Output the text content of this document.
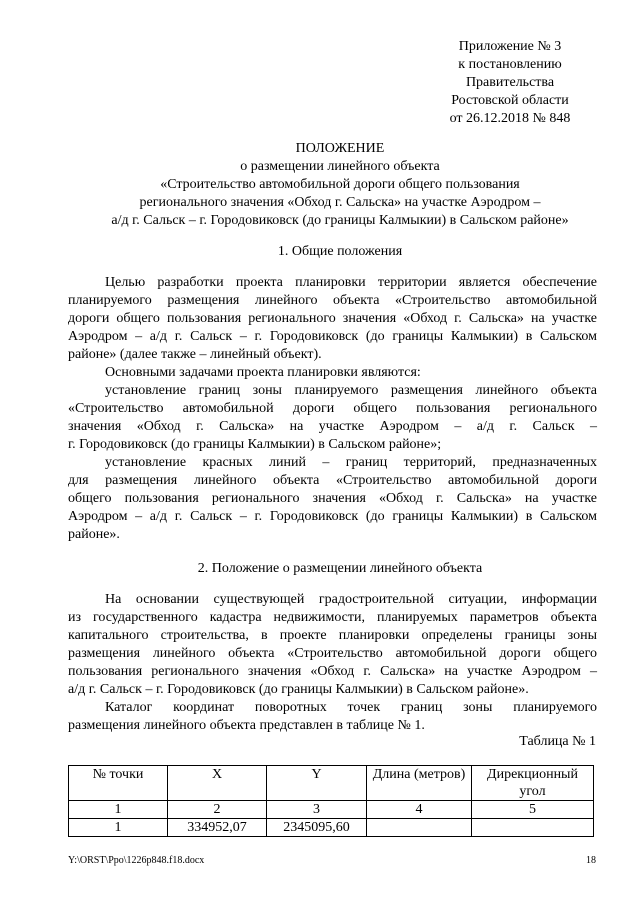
Приложение № 3
к постановлению
Правительства
Ростовской области
от 26.12.2018 № 848
ПОЛОЖЕНИЕ
о размещении линейного объекта
«Строительство автомобильной дороги общего пользования
регионального значения «Обход г. Сальска» на участке Аэродром –
а/д г. Сальск – г. Городовиковск (до границы Калмыкии) в Сальском районе»
1. Общие положения
Целью разработки проекта планировки территории является обеспечение
планируемого размещения линейного объекта «Строительство автомобильной
дороги общего пользования регионального значения «Обход г. Сальска» на участке
Аэродром – а/д г. Сальск – г. Городовиковск (до границы Калмыкии) в Сальском
районе» (далее также – линейный объект).
Основными задачами проекта планировки являются:
установление границ зоны планируемого размещения линейного объекта
«Строительство автомобильной дороги общего пользования регионального
значения «Обход г. Сальска» на участке Аэродром – а/д г. Сальск –
г. Городовиковск (до границы Калмыкии) в Сальском районе»;
установление красных линий – границ территорий, предназначенных
для размещения линейного объекта «Строительство автомобильной дороги
общего пользования регионального значения «Обход г. Сальска» на участке
Аэродром – а/д г. Сальск – г. Городовиковск (до границы Калмыкии) в Сальском
районе».
2. Положение о размещении линейного объекта
На основании существующей градостроительной ситуации, информации
из государственного кадастра недвижимости, планируемых параметров объекта
капитального строительства, в проекте планировки определены границы зоны
размещения линейного объекта «Строительство автомобильной дороги общего
пользования регионального значения «Обход г. Сальска» на участке Аэродром –
а/д г. Сальск – г. Городовиковск (до границы Калмыкии) в Сальском районе».
Каталог координат поворотных точек границ зоны планируемого
размещения линейного объекта представлен в таблице № 1.
Таблица № 1
№ точки	X	Y	Длина (метров)	Дирекционный угол
1	2	3	4	5
1	334952,07	2345095,60		
Y:\ORST\Ppo\1226p848.f18.docx	18
